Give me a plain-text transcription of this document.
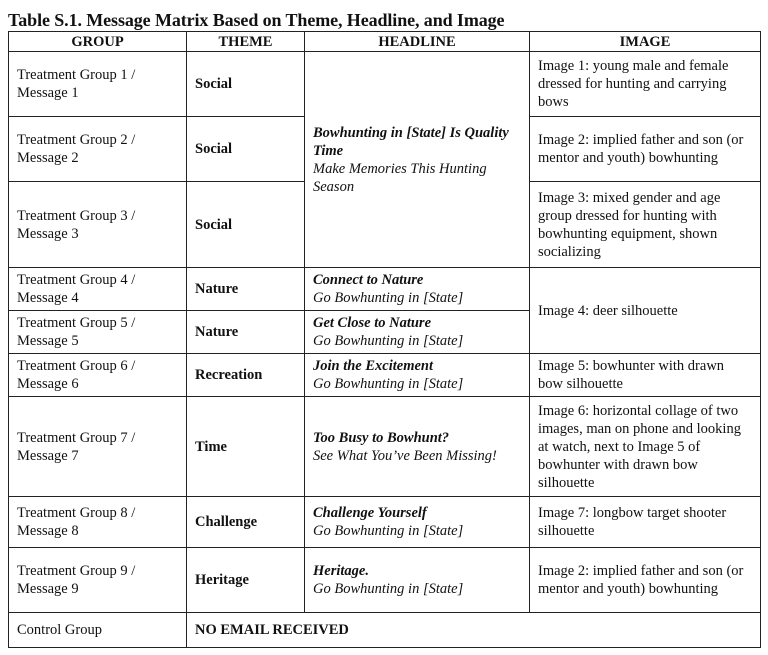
Table S.1. Message Matrix Based on Theme, Headline, and Image
GROUP	THEME	HEADLINE	IMAGE
Treatment Group 1 /
Message 1	Social	Bowhunting in [State] Is Quality Time
Make Memories This Hunting Season	Image 1: young male and female dressed for hunting and carrying bows
Treatment Group 2 /
Message 2	Social		Image 2: implied father and son (or mentor and youth) bowhunting
Treatment Group 3 /
Message 3	Social		Image 3: mixed gender and age group dressed for hunting with bowhunting equipment, shown socializing
Treatment Group 4 /
Message 4	Nature	Connect to Nature
Go Bowhunting in [State]	Image 4: deer silhouette
Treatment Group 5 /
Message 5	Nature	Get Close to Nature
Go Bowhunting in [State]	

Treatment Group 6 /
Message 6	Recreation	Join the Excitement
Go Bowhunting in [State]	Image 5: bowhunter with drawn bow silhouette
Treatment Group 7 /
Message 7	Time	Too Busy to Bowhunt?
See What You’ve Been Missing!	Image 6: horizontal collage of two images, man on phone and looking at watch, next to Image 5 of bowhunter with drawn bow silhouette
Treatment Group 8 /
Message 8	Challenge	Challenge Yourself
Go Bowhunting in [State]	Image 7: longbow target shooter silhouette
Treatment Group 9 /
Message 9	Heritage	Heritage.
Go Bowhunting in [State]	Image 2: implied father and son (or mentor and youth) bowhunting
Control Group	NO EMAIL RECEIVED		
